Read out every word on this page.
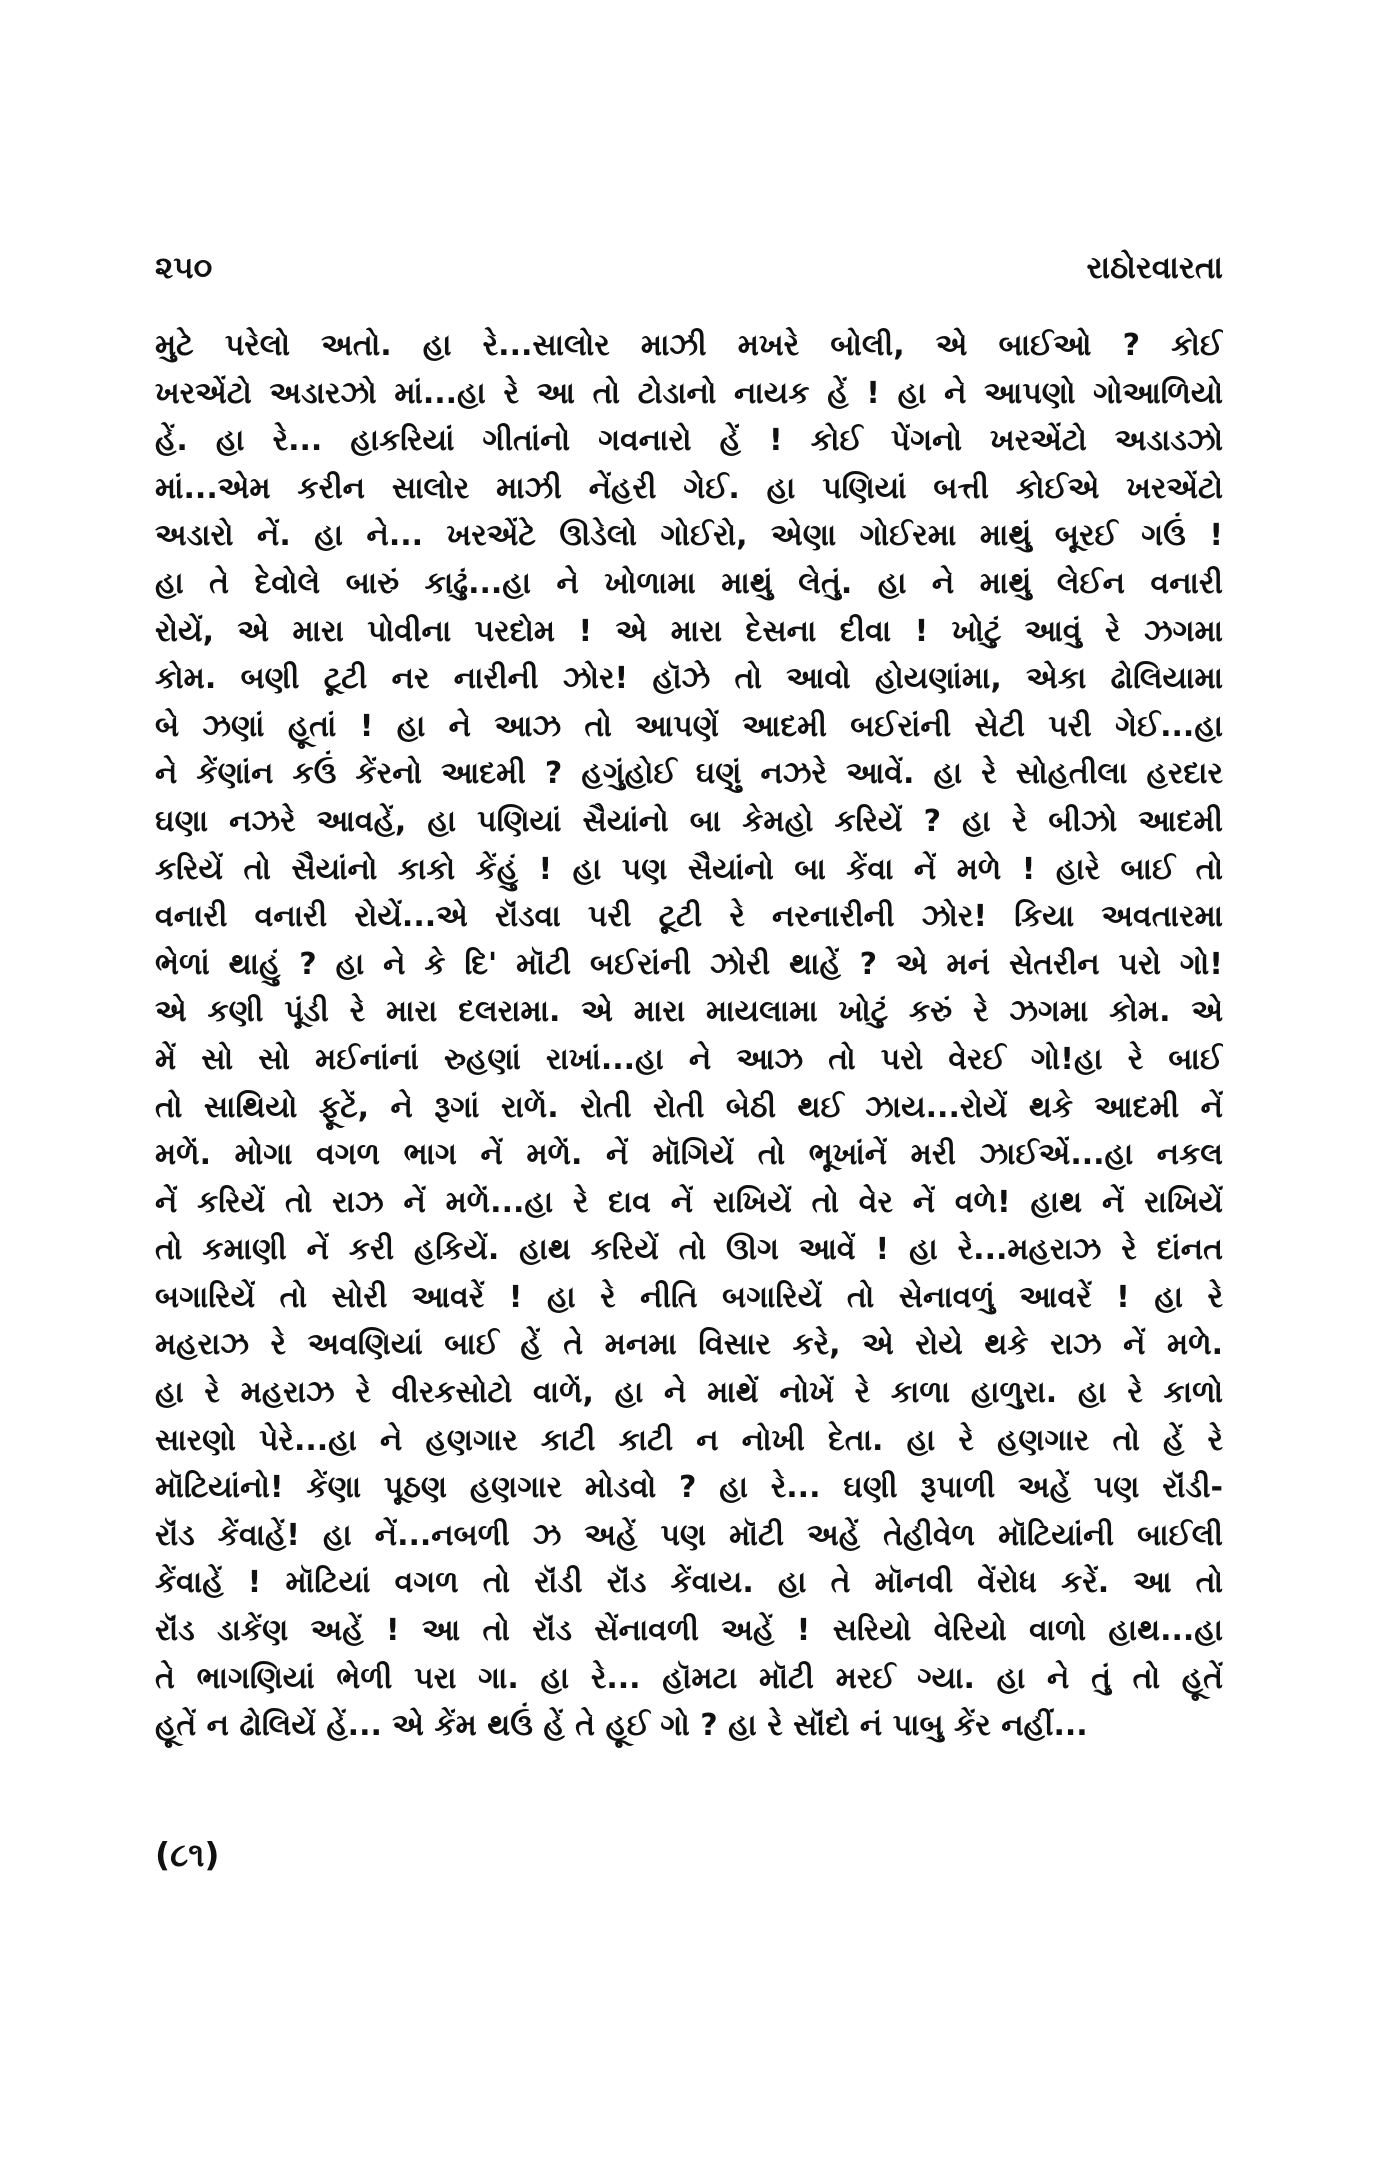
૨૫૦	રાઠોરવારતા
મુટે પરેલો અતો. હા રે...સાલોર માઝી મખરે બોલી, એ બાઈઓ ? કોઈ
ખરએંટો અડારઝો માં...હા રે આ તો ટોડાનો નાયક હેં ! હા ને આપણો ગોઆળિયો
હેં. હા રે... હાકરિયાં ગીતાંનો ગવનારો હેં ! કોઈ પેંગનો ખરએંટો અડાડઝો
માં...એમ કરીન સાલોર માઝી નેંહરી ગેઈ. હા પણિયાં બત્તી કોઈએ ખરએંટો
અડારો નેં. હા ને... ખરએંટે ઊડેલો ગોઈરો, એણા ગોઈરમા માથું બૂરઈ ગઉં !
હા તે દેવોલે બારું કાઢું...હા ને ખોળામા માથું લેતું. હા ને માથું લેઈન વનારી
રોયેં, એ મારા પોવીના પરદોમ ! એ મારા દેસના દીવા ! ખોટું આવું રે ઝગમા
કોમ. બણી ટૂટી નર નારીની ઝોર! હૉઝે તો આવો હોયણાંમા, એકા ઢોલિયામા
બે ઝણાં હૂતાં ! હા ને આઝ તો આપણેં આદમી બઈરાંની સેટી પરી ગેઈ...હા
ને કેંણાંન કઉં કેંરનો આદમી ? હગુંહોઈ ઘણું નઝરે આવેં. હા રે સોહતીલા હરદાર
ઘણા નઝરે આવહેં, હા પણિયાં સૈયાંનો બા કેમહો કરિયેં ? હા રે બીઝો આદમી
કરિયેં તો સૈયાંનો કાકો કેંહું ! હા પણ સૈયાંનો બા કેંવા નેં મળે ! હારે બાઈ તો
વનારી વનારી રોયેં...એ રૉંડવા પરી ટૂટી રે નરનારીની ઝોર! કિયા અવતારમા
ભેળાં થાહું ? હા ને કે દિ' મૉટી બઈરાંની ઝોરી થાહેં ? એ મનં સેતરીન પરો ગો!
એ કણી પૂંડી રે મારા દલરામા. એ મારા માયલામા ખોટું કરું રે ઝગમા કોમ. એ
મેં સો સો મઈનાંનાં રુહણાં રાખાં...હા ને આઝ તો પરો વેરઈ ગો!હા રે બાઈ
તો સાથિયો ફૂટેં, ને રૂગાં રાળેં. રોતી રોતી બેઠી થઈ ઝાય...રોયેં થકે આદમી નેં
મળેં. મોગા વગળ ભાગ નેં મળેં. નેં મૉગિયેં તો ભૂખાંનેં મરી ઝાઈએં...હા નકલ
નેં કરિયેં તો રાઝ નેં મળેં...હા રે દાવ નેં રાખિયેં તો વેર નેં વળે! હાથ નેં રાખિયેં
તો કમાણી નેં કરી હકિયેં. હાથ કરિયેં તો ઊગ આવેં ! હા રે...મહરાઝ રે દાંનત
બગારિયેં તો સોરી આવરેં ! હા રે નીતિ બગારિયેં તો સેનાવળું આવરેં ! હા રે
મહરાઝ રે અવણિયાં બાઈ હેં તે મનમા વિસાર કરે, એ રોયે થકે રાઝ નેં મળે.
હા રે મહરાઝ રે વીરકસોટો વાળેં, હા ને માથેં નોખેં રે કાળા હાળુરા. હા રે કાળો
સારણો પેરે...હા ને હણગાર કાટી કાટી ન નોખી દેતા. હા રે હણગાર તો હેં રે
મૉટિયાંનો! કેંણા પૂઠણ હણગાર મોડવો ? હા રે... ઘણી રૂપાળી અહેં પણ રૉંડી-
રૉંડ કેંવાહેં! હા નેં...નબળી ઝ અહેં પણ મૉટી અહેં તેહીવેળ મૉટિયાંની બાઈલી
કેંવાહેં ! મૉટિયાં વગળ તો રૉંડી રૉંડ કેંવાય. હા તે મૉનવી વેંરોધ કરેં. આ તો
રૉંડ ડાકેંણ અહેં ! આ તો રૉંડ સેંનાવળી અહેં ! સરિયો વેરિયો વાળો હાથ...હા
તે ભાગણિયાં ભેળી પરા ગા. હા રે... હૉમટા મૉટી મરઈ ગ્યા. હા ને તું તો હૂતેં
હૂતેં ન ઢોલિયેં હેં... એ કેંમ થઉં હેં તે હૂઈ ગો ? હા રે સૉંદો નં પાબુ કેંર નહીં...
(૮૧)
